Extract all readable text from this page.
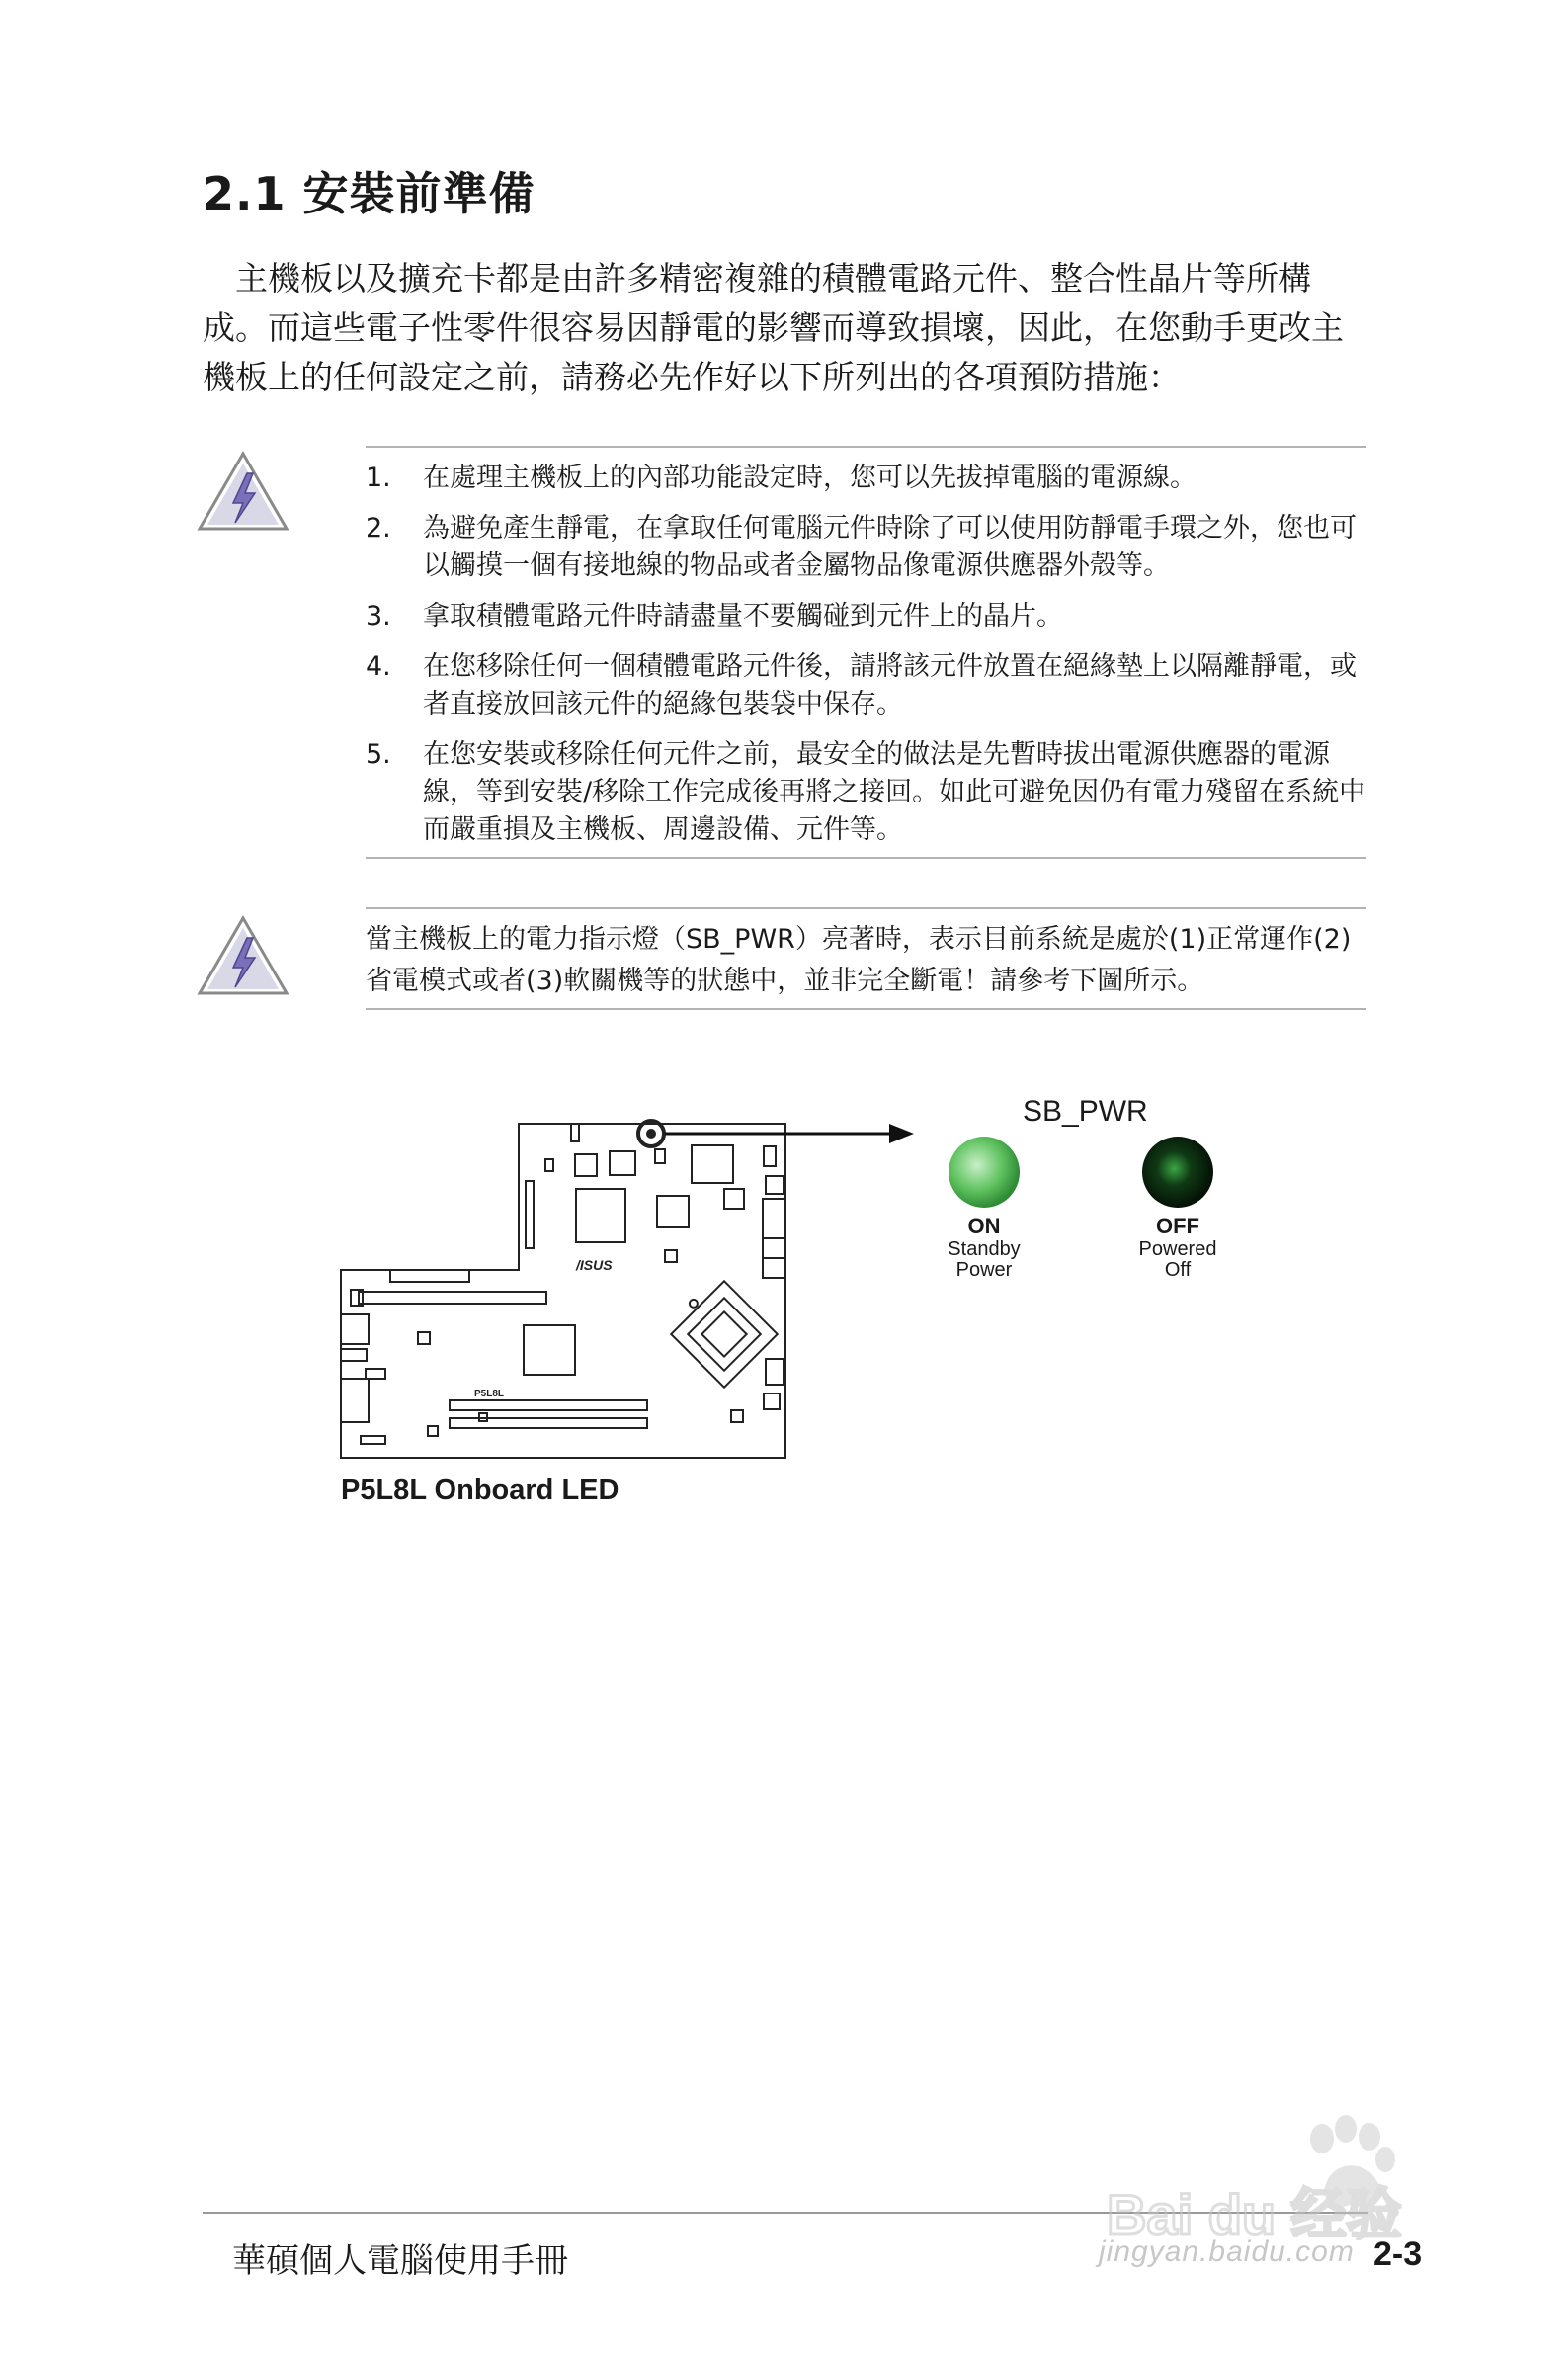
2.1 安裝前準備
主機板以及擴充卡都是由許多精密複雜的積體電路元件、整合性晶片等所構成。而這些電子性零件很容易因靜電的影響而導致損壞，因此，在您動手更改主機板上的任何設定之前，請務必先作好以下所列出的各項預防措施：
1.	在處理主機板上的內部功能設定時，您可以先拔掉電腦的電源線。
2.	為避免產生靜電，在拿取任何電腦元件時除了可以使用防靜電手環之外，您也可以觸摸一個有接地線的物品或者金屬物品像電源供應器外殼等。
3.	拿取積體電路元件時請盡量不要觸碰到元件上的晶片。
4.	在您移除任何一個積體電路元件後，請將該元件放置在絕緣墊上以隔離靜電，或者直接放回該元件的絕緣包裝袋中保存。
5.	在您安裝或移除任何元件之前，最安全的做法是先暫時拔出電源供應器的電源線，等到安裝/移除工作完成後再將之接回。如此可避免因仍有電力殘留在系統中而嚴重損及主機板、周邊設備、元件等。
當主機板上的電力指示燈（SB_PWR）亮著時，表示目前系統是處於(1)正常運作(2)省電模式或者(3)軟關機等的狀態中，並非完全斷電！請參考下圖所示。
/ISUS
P5L8L
SB_PWR
ON
Standby
Power
OFF
Powered
Off
P5L8L Onboard LED
華碩個人電腦使用手冊
Bai du 经验
jingyan.baidu.com 2-3
